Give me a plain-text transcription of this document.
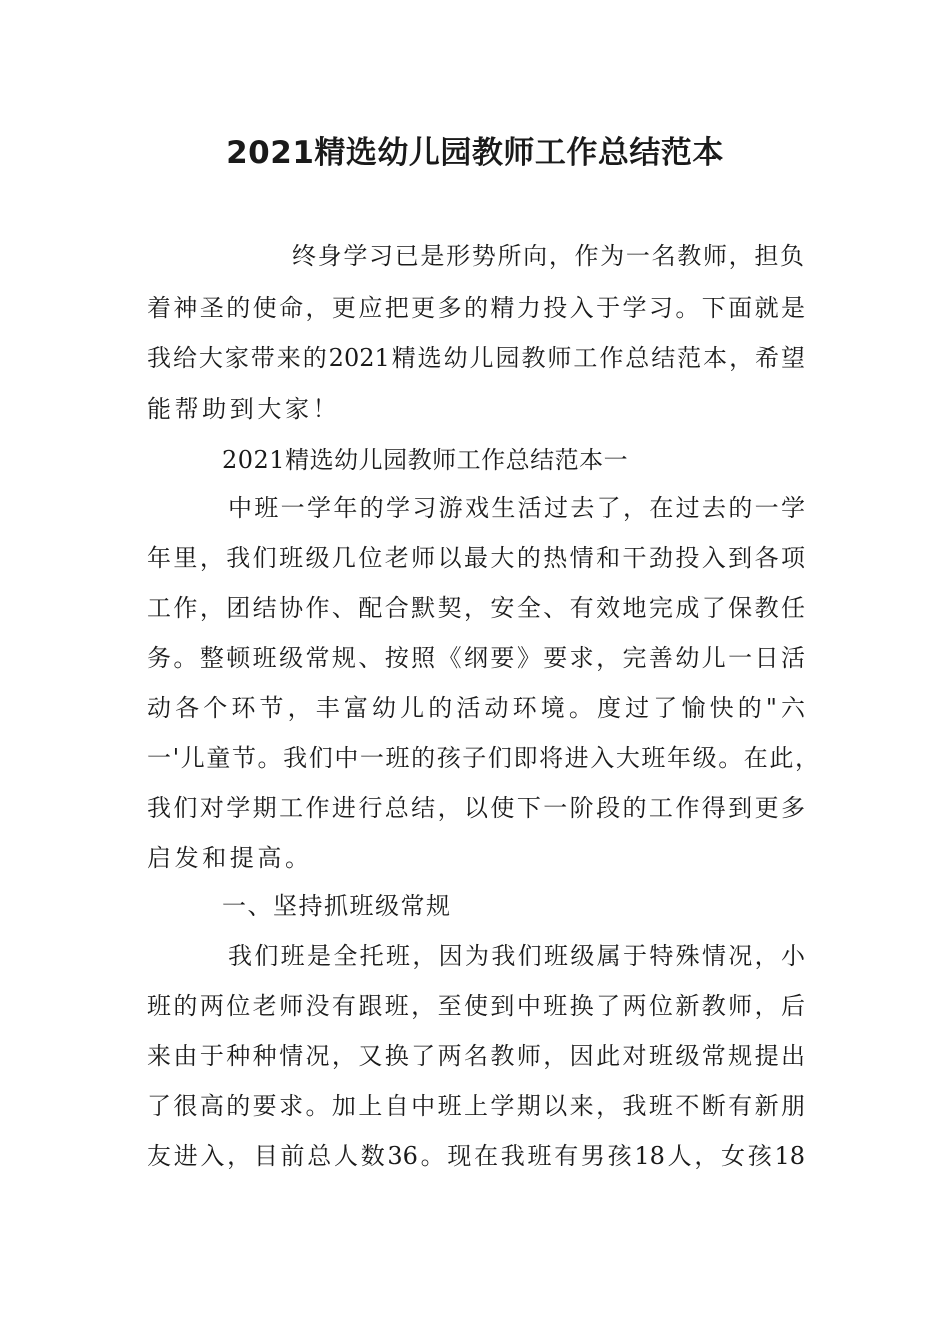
2021精选幼儿园教师工作总结范本
终身学习已是形势所向，作为一名教师，担负
着神圣的使命，更应把更多的精力投入于学习。下面就是
我给大家带来的2021精选幼儿园教师工作总结范本，希望
能帮助到大家！
2021精选幼儿园教师工作总结范本一
中班一学年的学习游戏生活过去了，在过去的一学
年里，我们班级几位老师以最大的热情和干劲投入到各项
工作，团结协作、配合默契，安全、有效地完成了保教任
务。整顿班级常规、按照《纲要》要求，完善幼儿一日活
动各个环节，丰富幼儿的活动环境。度过了愉快的"六
一'儿童节。我们中一班的孩子们即将进入大班年级。在此，
我们对学期工作进行总结，以使下一阶段的工作得到更多
启发和提高。
一、坚持抓班级常规
我们班是全托班，因为我们班级属于特殊情况，小
班的两位老师没有跟班，至使到中班换了两位新教师，后
来由于种种情况，又换了两名教师，因此对班级常规提出
了很高的要求。加上自中班上学期以来，我班不断有新朋
友进入，目前总人数36。现在我班有男孩18人，女孩18
